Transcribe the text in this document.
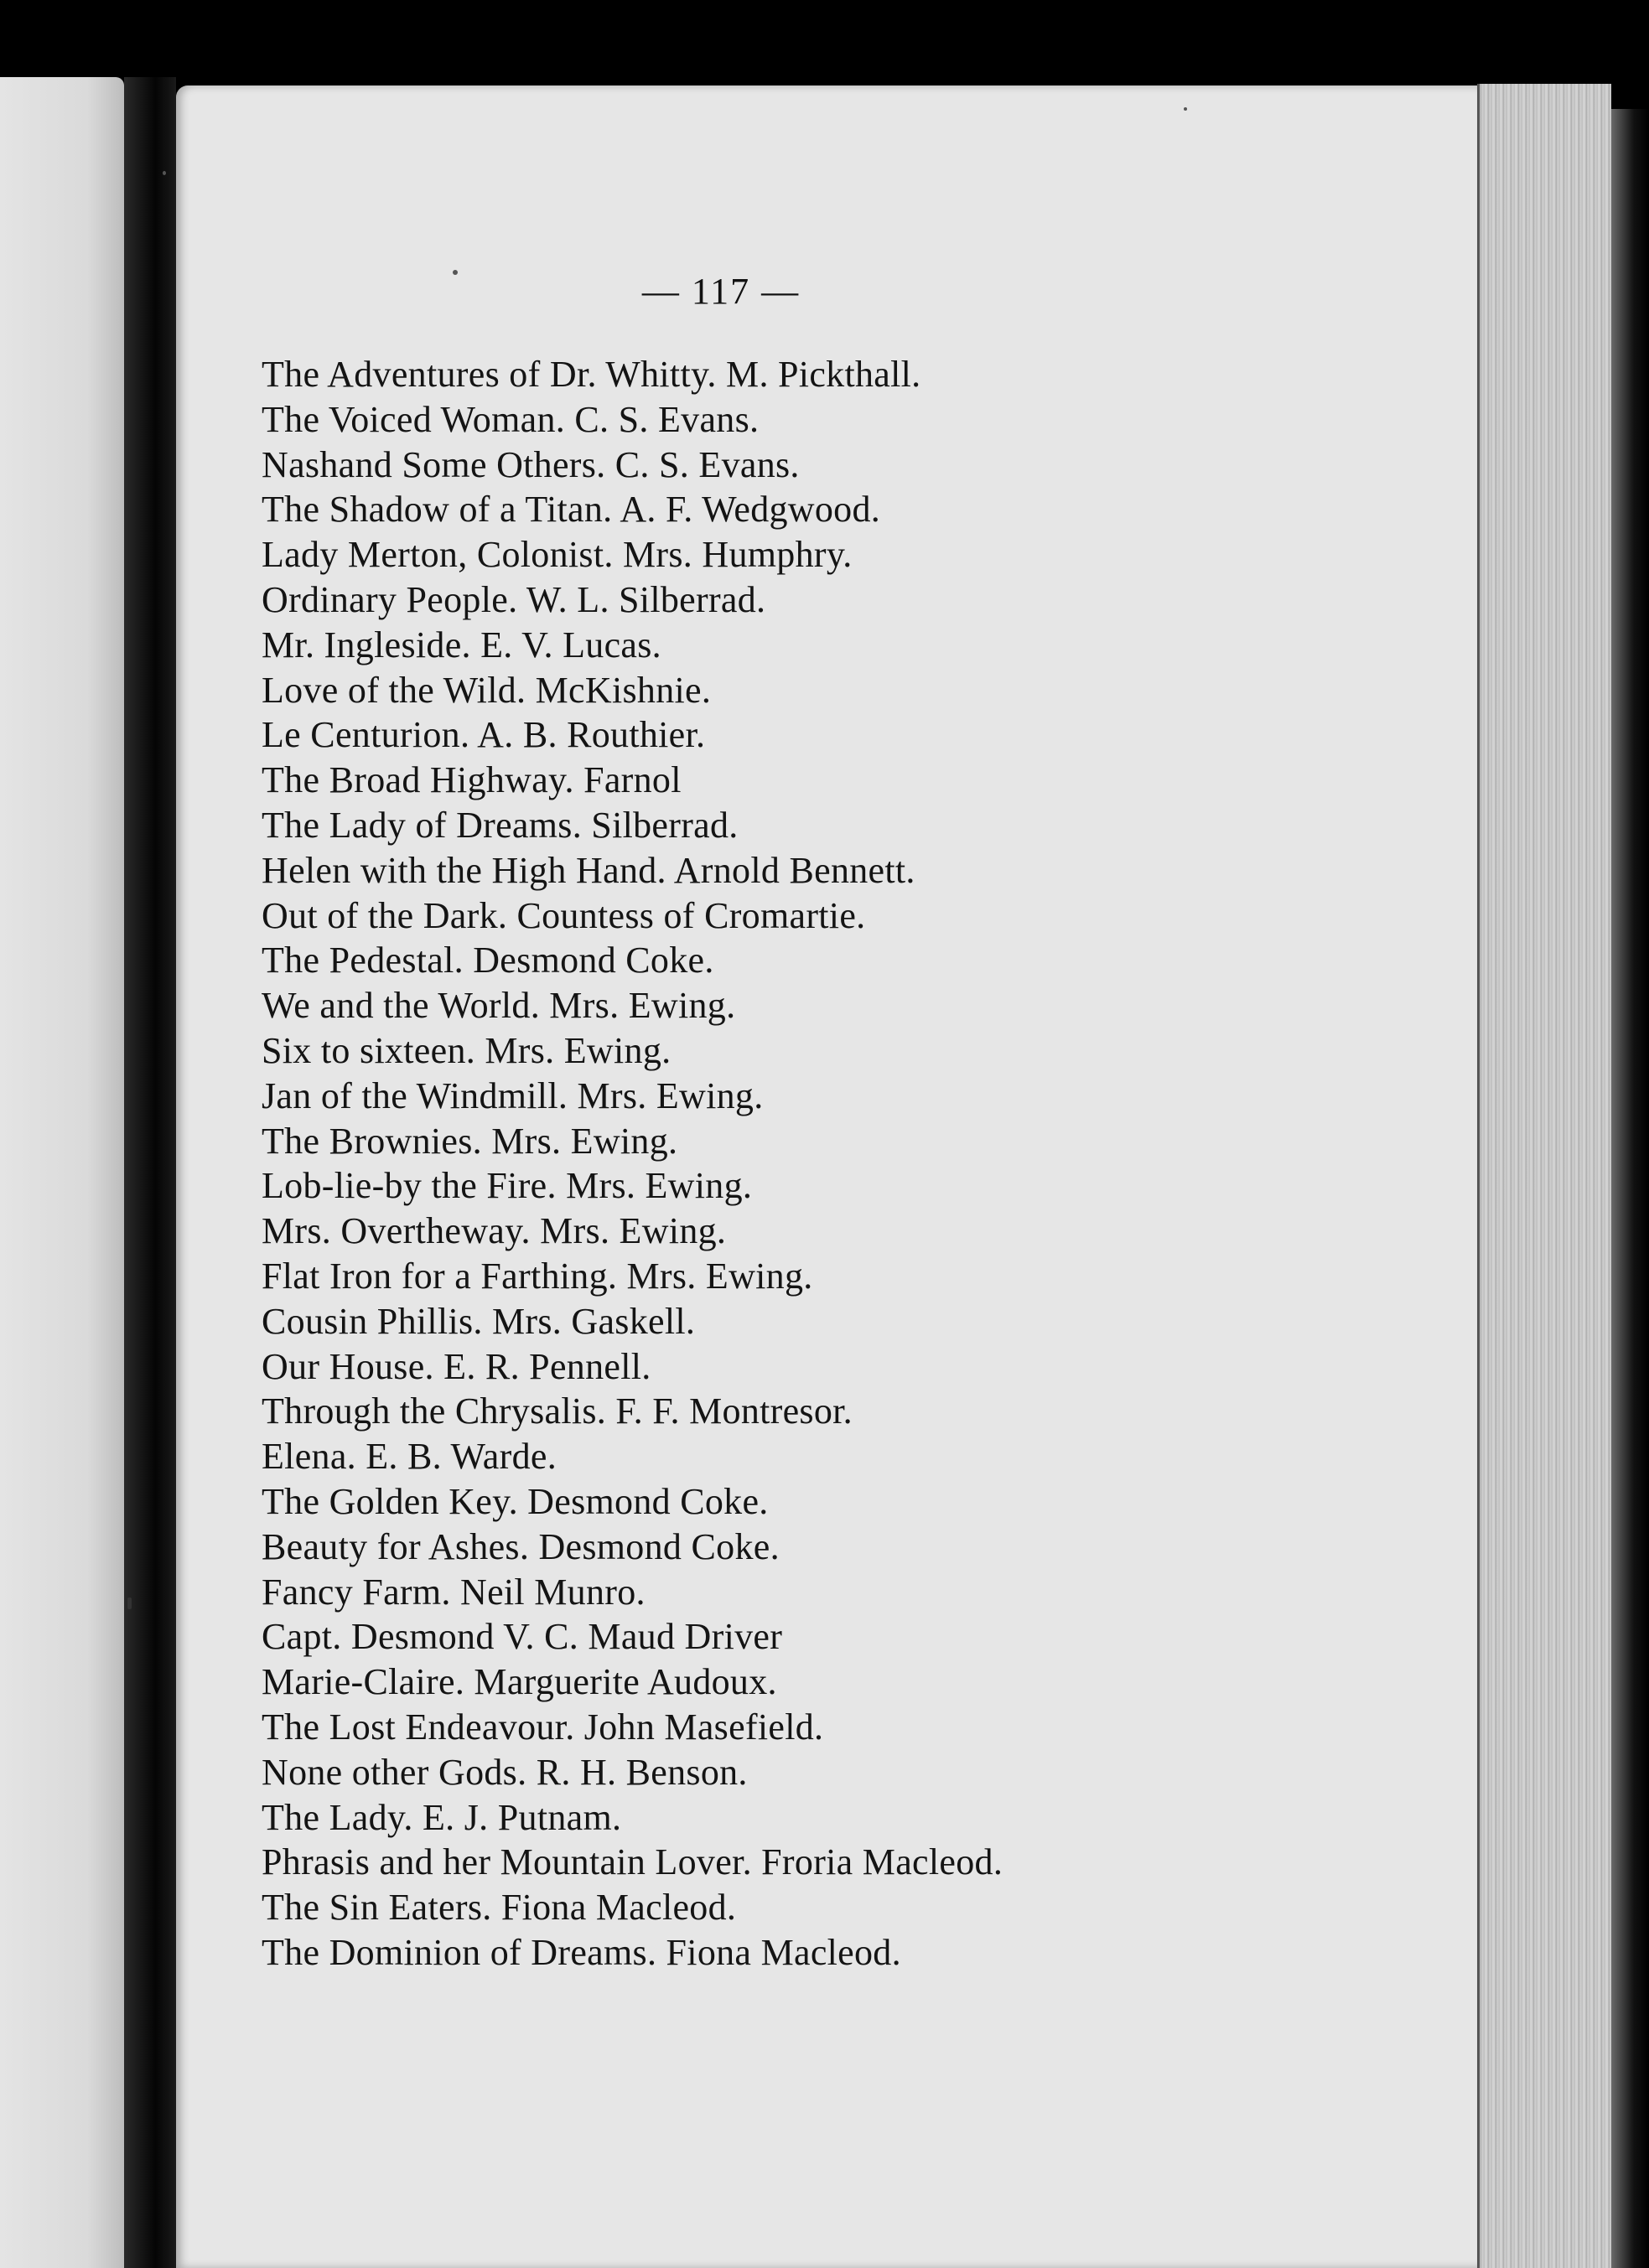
— 117 —
The Adventures of Dr. Whitty. M. Pickthall.
The Voiced Woman. C. S. Evans.
Nashand Some Others. C. S. Evans.
The Shadow of a Titan. A. F. Wedgwood.
Lady Merton, Colonist. Mrs. Humphry.
Ordinary People. W. L. Silberrad.
Mr. Ingleside. E. V. Lucas.
Love of the Wild. McKishnie.
Le Centurion. A. B. Routhier.
The Broad Highway. Farnol
The Lady of Dreams. Silberrad.
Helen with the High Hand. Arnold Bennett.
Out of the Dark. Countess of Cromartie.
The Pedestal. Desmond Coke.
We and the World. Mrs. Ewing.
Six to sixteen. Mrs. Ewing.
Jan of the Windmill. Mrs. Ewing.
The Brownies. Mrs. Ewing.
Lob-lie-by the Fire. Mrs. Ewing.
Mrs. Overtheway. Mrs. Ewing.
Flat Iron for a Farthing. Mrs. Ewing.
Cousin Phillis. Mrs. Gaskell.
Our House. E. R. Pennell.
Through the Chrysalis. F. F. Montresor.
Elena. E. B. Warde.
The Golden Key. Desmond Coke.
Beauty for Ashes. Desmond Coke.
Fancy Farm. Neil Munro.
Capt. Desmond V. C. Maud Driver
Marie-Claire. Marguerite Audoux.
The Lost Endeavour. John Masefield.
None other Gods. R. H. Benson.
The Lady. E. J. Putnam.
Phrasis and her Mountain Lover. Froria Macleod.
The Sin Eaters. Fiona Macleod.
The Dominion of Dreams. Fiona Macleod.
